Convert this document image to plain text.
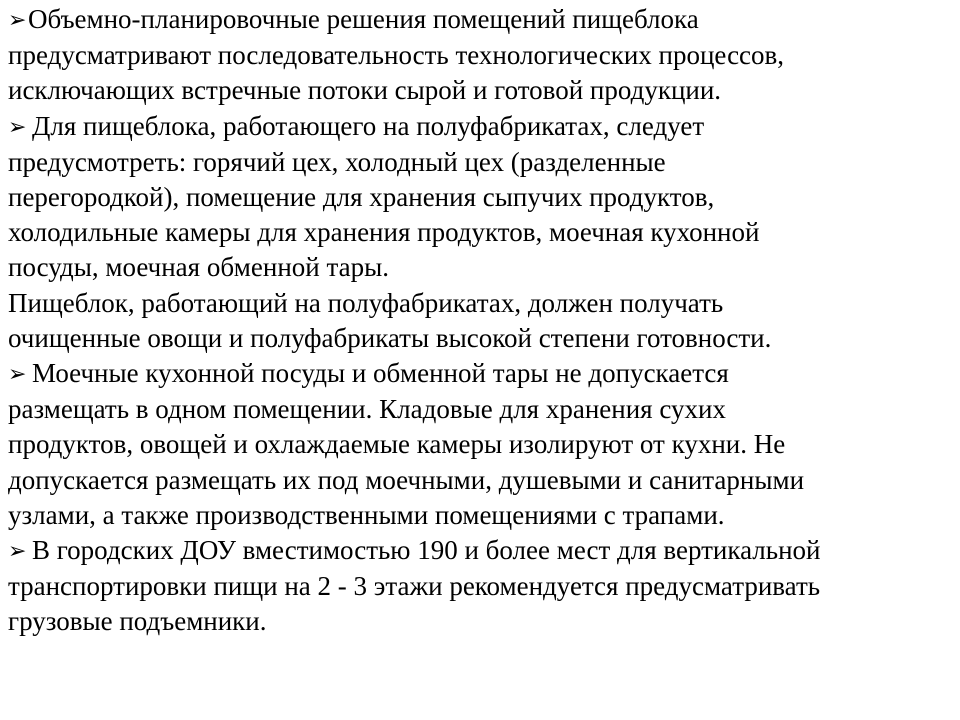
➢Объемно-планировочные решения помещений пищеблока
предусматривают последовательность технологических процессов,
исключающих встречные потоки сырой и готовой продукции.

➢ Для пищеблока, работающего на полуфабрикатах, следует
предусмотреть: горячий цех, холодный цех (разделенные
перегородкой), помещение для хранения сыпучих продуктов,
холодильные камеры для хранения продуктов, моечная кухонной
посуды, моечная обменной тары.

Пищеблок, работающий на полуфабрикатах, должен получать
очищенные овощи и полуфабрикаты высокой степени готовности.

➢ Моечные кухонной посуды и обменной тары не допускается
размещать в одном помещении. Кладовые для хранения сухих
продуктов, овощей и охлаждаемые камеры изолируют от кухни. Не
допускается размещать их под моечными, душевыми и санитарными
узлами, а также производственными помещениями с трапами.

➢ В городских ДОУ вместимостью 190 и более мест для вертикальной
транспортировки пищи на 2 - 3 этажи рекомендуется предусматривать
грузовые подъемники.
